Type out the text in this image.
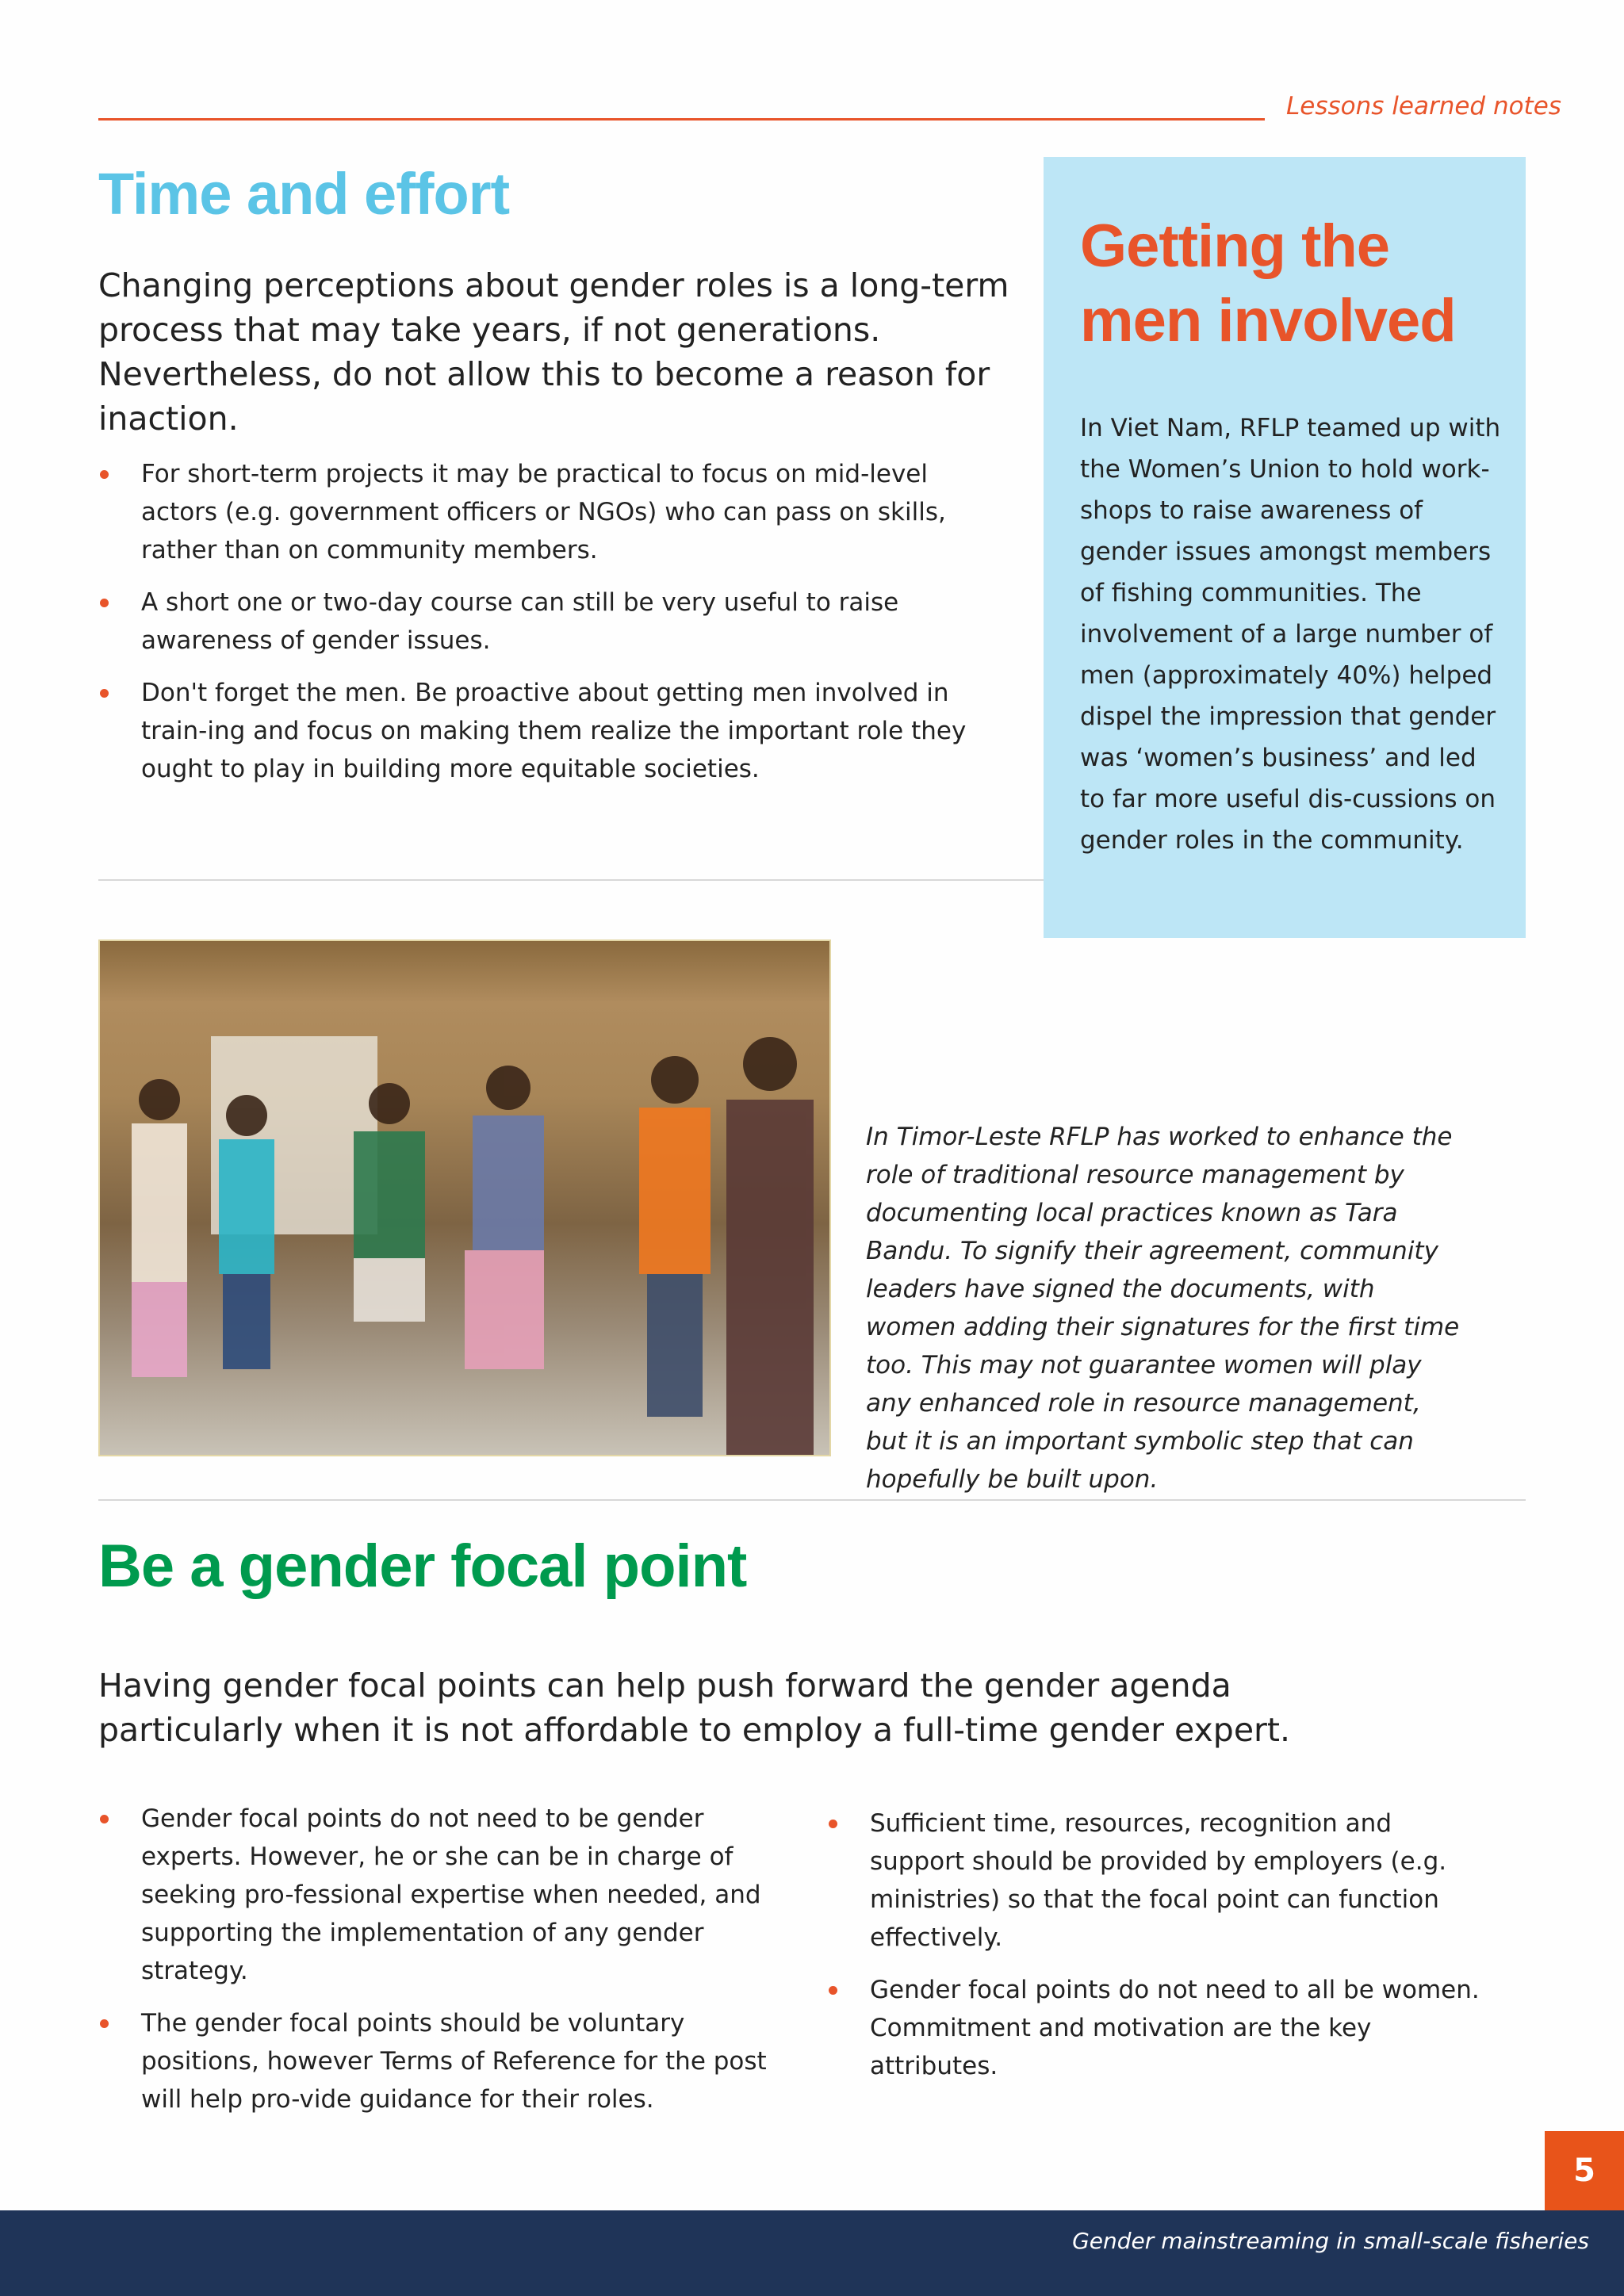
Lessons learned notes
Time and effort
Changing perceptions about gender roles is a long-term process that may take years, if not generations. Nevertheless, do not allow this to become a reason for inaction.
For short-term projects it may be practical to focus on mid-level actors (e.g. government officers or NGOs) who can pass on skills, rather than on community members.
A short one or two-day course can still be very useful to raise awareness of gender issues.
Don't forget the men. Be proactive about getting men involved in train-ing and focus on making them realize the important role they ought to play in building more equitable societies.
Getting the men involved
In Viet Nam, RFLP teamed up with the Women’s Union to hold work-shops to raise awareness of gender issues amongst members of fishing communities. The involvement of a large number of men (approximately 40%) helped dispel the impression that gender was ‘women’s business’ and led to far more useful dis-cussions on gender roles in the community.
In Timor-Leste RFLP has worked to enhance the role of traditional resource management by documenting local practices known as Tara Bandu. To signify their agreement, community leaders have signed the documents, with women adding their signatures for the first time too. This may not guarantee women will play any enhanced role in resource management, but it is an important symbolic step that can hopefully be built upon.
Be a gender focal point
Having gender focal points can help push forward the gender agenda particularly when it is not affordable to employ a full-time gender expert.
Gender focal points do not need to be gender experts. However, he or she can be in charge of seeking pro-fessional expertise when needed, and supporting the implementation of any gender strategy.
The gender focal points should be voluntary positions, however Terms of Reference for the post will help pro-vide guidance for their roles.
Sufficient time, resources, recognition and support should be provided by employers (e.g. ministries) so that the focal point can function effectively.
Gender focal points do not need to all be women. Commitment and motivation are the key attributes.
5
Gender mainstreaming in small-scale fisheries
